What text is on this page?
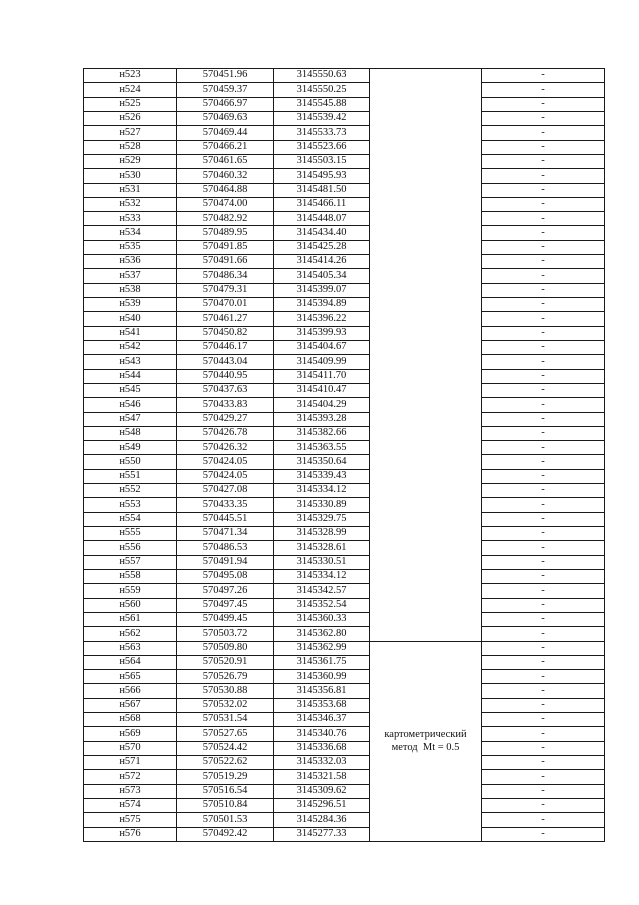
н523	570451.96	3145550.63		-
н524	570459.37	3145550.25		-
н525	570466.97	3145545.88		-
н526	570469.63	3145539.42		-
н527	570469.44	3145533.73		-
н528	570466.21	3145523.66		-
н529	570461.65	3145503.15		-
н530	570460.32	3145495.93		-
н531	570464.88	3145481.50		-
н532	570474.00	3145466.11		-
н533	570482.92	3145448.07		-
н534	570489.95	3145434.40		-
н535	570491.85	3145425.28		-
н536	570491.66	3145414.26		-
н537	570486.34	3145405.34		-
н538	570479.31	3145399.07		-
н539	570470.01	3145394.89		-
н540	570461.27	3145396.22		-
н541	570450.82	3145399.93		-
н542	570446.17	3145404.67		-
н543	570443.04	3145409.99		-
н544	570440.95	3145411.70		-
н545	570437.63	3145410.47		-
н546	570433.83	3145404.29		-
н547	570429.27	3145393.28		-
н548	570426.78	3145382.66		-
н549	570426.32	3145363.55		-
н550	570424.05	3145350.64		-
н551	570424.05	3145339.43		-
н552	570427.08	3145334.12		-
н553	570433.35	3145330.89		-
н554	570445.51	3145329.75		-
н555	570471.34	3145328.99		-
н556	570486.53	3145328.61		-
н557	570491.94	3145330.51		-
н558	570495.08	3145334.12		-
н559	570497.26	3145342.57		-
н560	570497.45	3145352.54		-
н561	570499.45	3145360.33		-
н562	570503.72	3145362.80		-
н563	570509.80	3145362.99	картометрический
метод  Mt = 0.5	-
н564	570520.91	3145361.75		-
н565	570526.79	3145360.99		-
н566	570530.88	3145356.81		-
н567	570532.02	3145353.68		-
н568	570531.54	3145346.37		-
н569	570527.65	3145340.76		-
н570	570524.42	3145336.68		-
н571	570522.62	3145332.03		-
н572	570519.29	3145321.58		-
н573	570516.54	3145309.62		-
н574	570510.84	3145296.51		-
н575	570501.53	3145284.36		-
н576	570492.42	3145277.33		-
